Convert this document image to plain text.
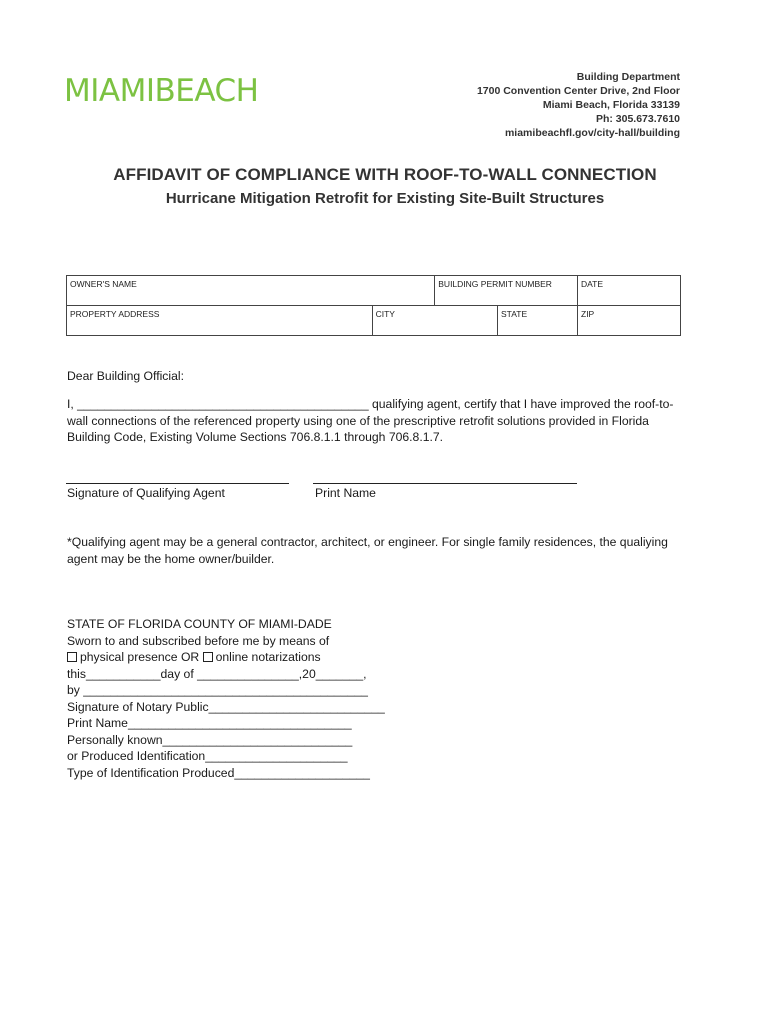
MIAMIBEACH	Building Department
1700 Convention Center Drive, 2nd Floor
Miami Beach, Florida 33139
Ph: 305.673.7610
miamibeachfl.gov/city-hall/building
AFFIDAVIT OF COMPLIANCE WITH ROOF-TO-WALL CONNECTION
Hurricane Mitigation Retrofit for Existing Site-Built Structures
OWNER'S NAME		BUILDING PERMIT NUMBER		DATE
PROPERTY ADDRESS	CITY		STATE	ZIP
Dear Building Official:
I, ___________________________________________ qualifying agent, certify that I have improved the roof-to-wall connections of the referenced property using one of the prescriptive retrofit solutions provided in Florida Building Code, Existing Volume Sections 706.8.1.1 through 706.8.1.7.
Signature of Qualifying Agent	Print Name
*Qualifying agent may be a general contractor, architect, or engineer. For single family residences, the qualiying agent may be the home owner/builder.
STATE OF FLORIDA COUNTY OF MIAMI-DADE
Sworn to and subscribed before me by means of
physical presence OR online notarizations
this___________day of _______________,20_______,
by __________________________________________
Signature of Notary Public__________________________
Print Name_________________________________
Personally known____________________________
or Produced Identification_____________________
Type of Identification Produced____________________
